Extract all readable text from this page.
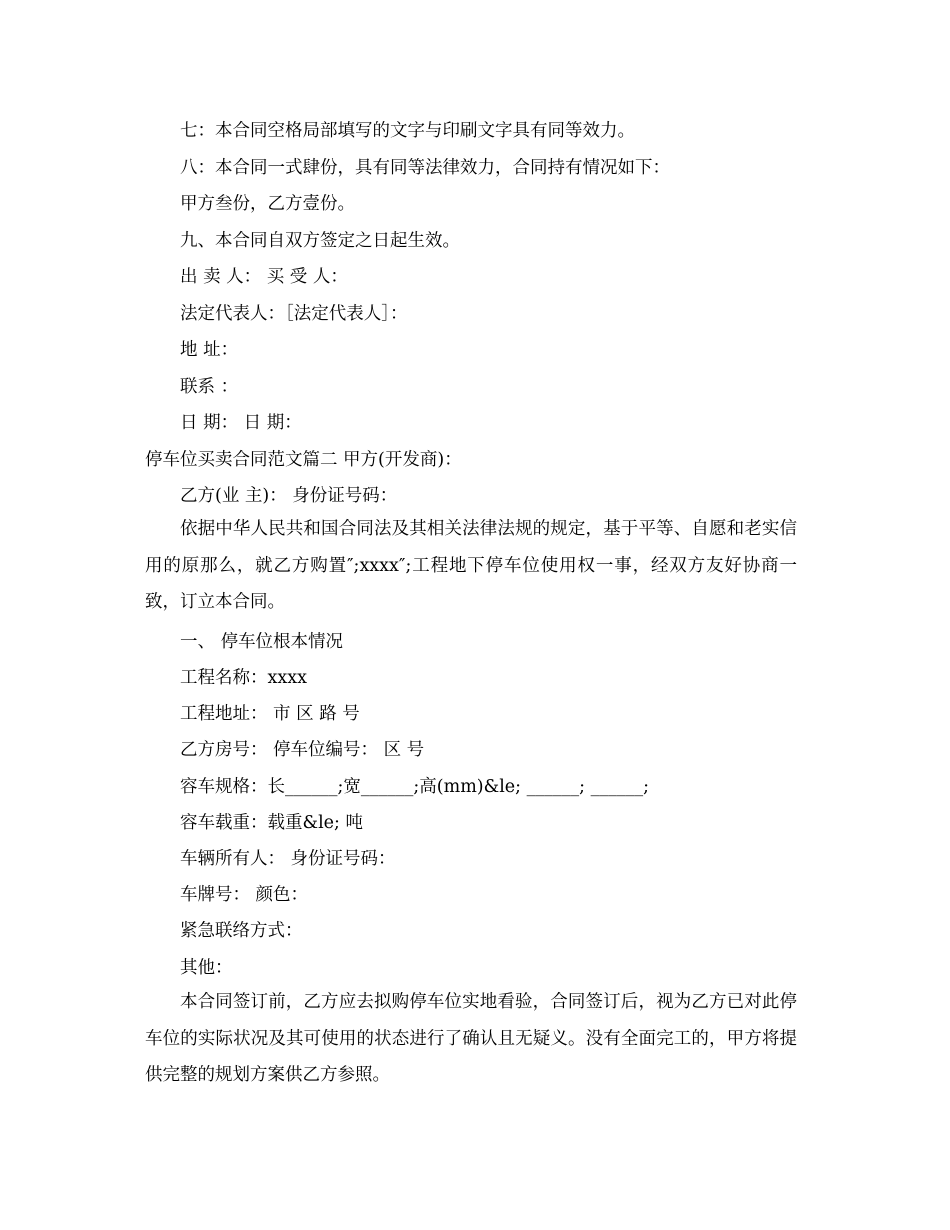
七：本合同空格局部填写的文字与印刷文字具有同等效力。
八：本合同一式肆份，具有同等法律效力，合同持有情况如下：
甲方叁份，乙方壹份。
九、本合同自双方签定之日起生效。
出 卖 人： 买 受 人：
法定代表人：［法定代表人］：
地 址：
联系 ：
日 期： 日 期：
停车位买卖合同范文篇二 甲方(开发商)：
乙方(业 主)： 身份证号码：
依据中华人民共和国合同法及其相关法律法规的规定，基于平等、自愿和老实信用的原那么，就乙方购置″;xxxx″;工程地下停车位使用权一事，经双方友好协商一致，订立本合同。
一、 停车位根本情况
工程名称：xxxx
工程地址： 市 区 路 号
乙方房号： 停车位编号： 区 号
容车规格：长______;宽______;高(mm)&le; ______; ______;
容车载重：载重&le; 吨
车辆所有人： 身份证号码：
车牌号： 颜色：
紧急联络方式：
其他：
本合同签订前，乙方应去拟购停车位实地看验，合同签订后，视为乙方已对此停车位的实际状况及其可使用的状态进行了确认且无疑义。没有全面完工的，甲方将提供完整的规划方案供乙方参照。
